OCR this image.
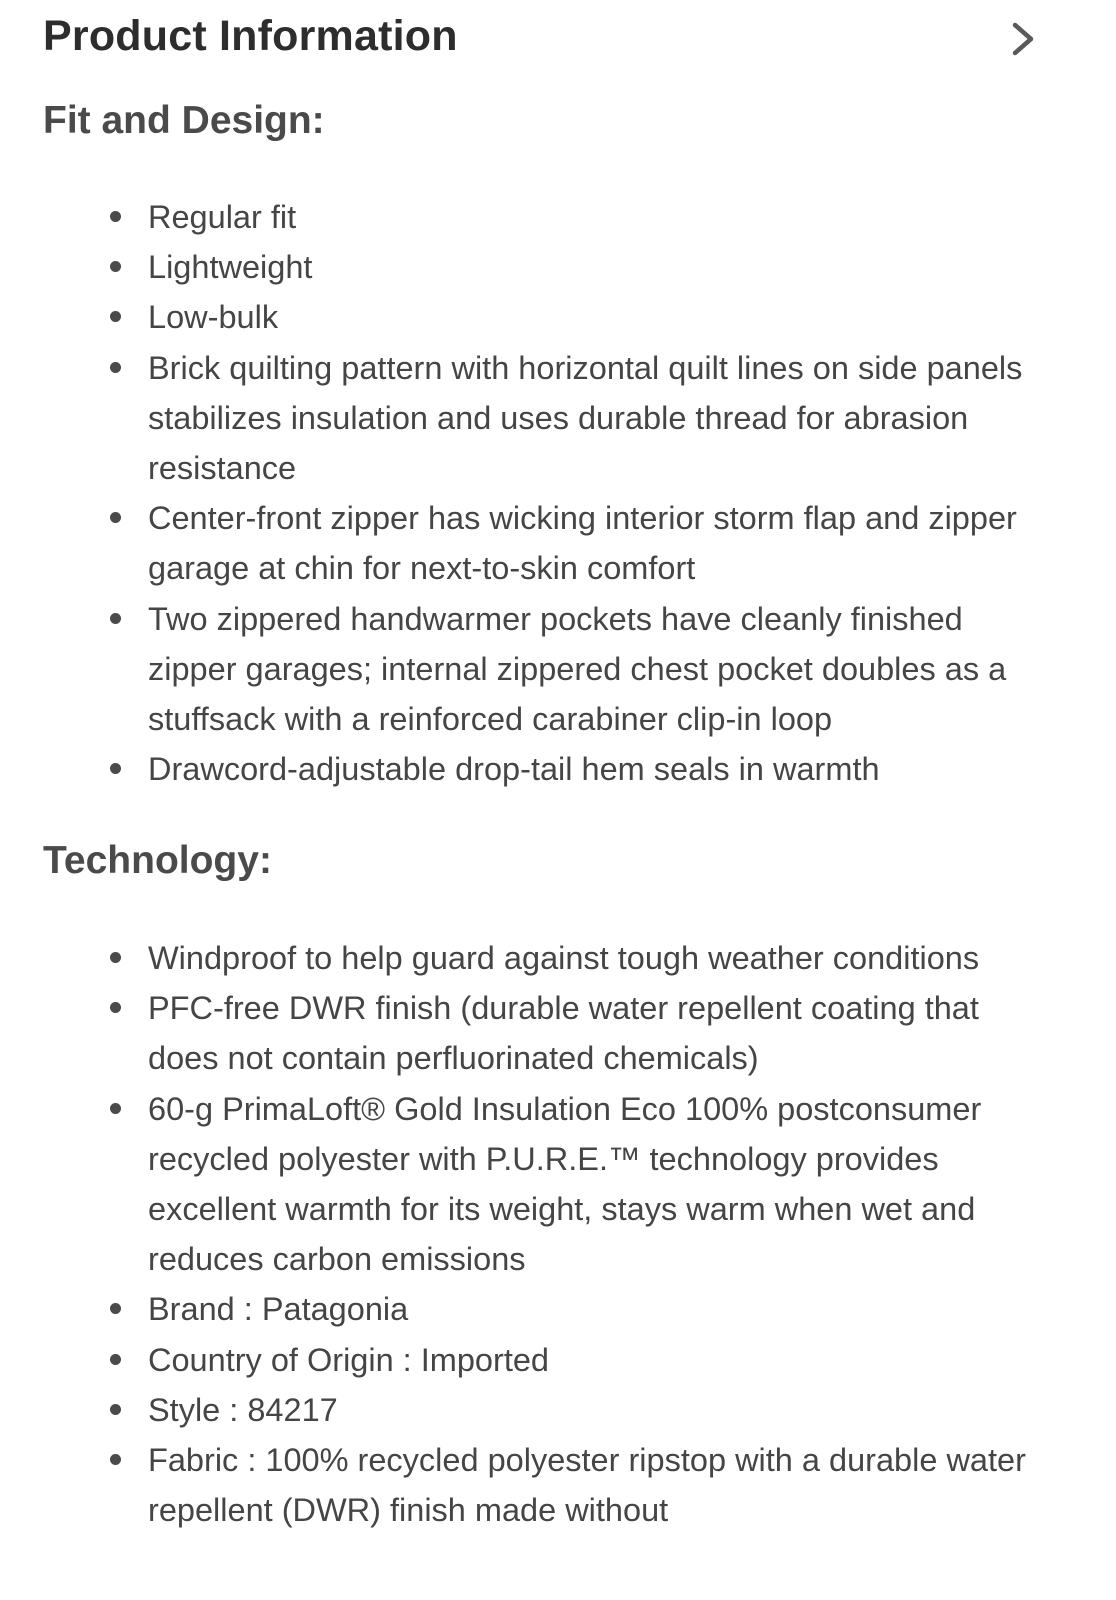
Product Information
Fit and Design:
Regular fit
Lightweight
Low-bulk
Brick quilting pattern with horizontal quilt lines on side panels stabilizes insulation and uses durable thread for abrasion resistance
Center-front zipper has wicking interior storm flap and zipper garage at chin for next-to-skin comfort
Two zippered handwarmer pockets have cleanly finished zipper garages; internal zippered chest pocket doubles as a stuffsack with a reinforced carabiner clip-in loop
Drawcord-adjustable drop-tail hem seals in warmth
Technology:
Windproof to help guard against tough weather conditions
PFC-free DWR finish (durable water repellent coating that does not contain perfluorinated chemicals)
60-g PrimaLoft® Gold Insulation Eco 100% postconsumer recycled polyester with P.U.R.E.™ technology provides excellent warmth for its weight, stays warm when wet and reduces carbon emissions
Brand : Patagonia
Country of Origin : Imported
Style : 84217
Fabric : 100% recycled polyester ripstop with a durable water repellent (DWR) finish made without
